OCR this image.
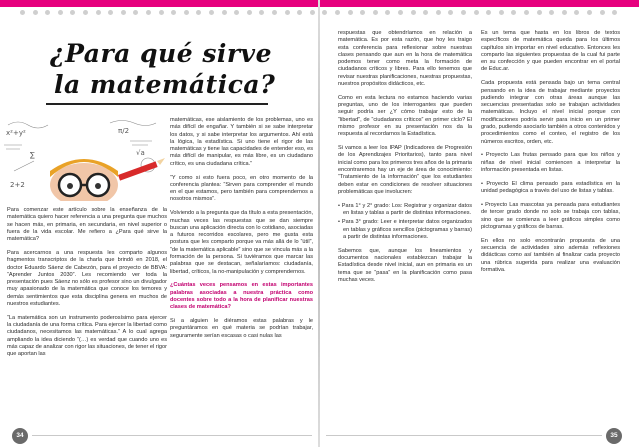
¿Para qué sirve
la matemática?
x²+y²	π/2
∑	√a
2+2

Para comenzar este artículo sobre la enseñanza de la matemática quiero hacer referencia a una pregunta que muchos se hacen más, en primaria, en secundaria, en nivel superior o fuera de la vida escolar. Me refiero a ¿Para qué sirve la matemática?

Para acercarnos a una respuesta les comparto algunos fragmentos transcriptos de la charla que brindó en 2018, el doctor Eduardo Sáenz de Cabezón, para el proyecto de BBVA: “Aprender Juntos 2030”. Les recomiendo ver toda la presentación pues Sáenz no sólo es profesor sino un divulgador muy apasionado de la matemática que conoce los temores y demás sentimientos que esta disciplina genera en muchos de nuestros estudiantes.

“La matemática son un instrumento poderosísimo para ejercer la ciudadanía de una forma crítica. Para ejercer la libertad como ciudadanos, necesitamos las matemáticas.” A lo cual agrega ampliando la idea diciendo “(…) es verdad que cuando uno es más capaz de analizar con rigor las situaciones, de tener el rigor que aportan las

matemáticas, ese aislamiento de los problemas, uno es más difícil de engañar. Y también si se sabe interpretar los datos, y si sabe interpretar los argumentos. Ahí está la lógica, la estadística. Si uno tiene el rigor de las matemáticas y tiene las capacidades de entender eso, es más difícil de manipular, es más libre, es un ciudadano crítico, es una ciudadana crítica.”

“Y como si esto fuera poco, en otro momento de la conferencia plantea: “Sirven para comprender el mundo en el que estamos, pero también para comprendernos a nosotros mismos”.

Volviendo a la pregunta que da título a esta presentación, muchas veces las respuestas que se dan siempre buscan una aplicación directa con lo cotidiano, asociadas a futuros recorridos escolares, pero me gusta esta postura que les comparto porque va más allá de lo “útil”, “de la matemática aplicable” sino que se vincula más a la formación de la persona. Si tuviéramos que marcar las palabras que se destacan, señalaríamos: ciudadanía, libertad, críticos, la no-manipulación y comprendernos.

¿Cuántas veces pensamos en estas importantes palabras asociadas a nuestra práctica como docentes sobre todo a la hora de planificar nuestras clases de matemática?

Si a alguien le diéramos estas palabras y le preguntáramos en qué materia se podrían trabajar, seguramente serían escasas o casi nulas las

respuestas que obtendríamos en relación a matemática. Es por esta razón, que hoy les traigo esta conferencia para reflexionar sobre nuestras clases pensando que aun en la hora de matemática podemos tener como meta la formación de ciudadanos críticos y libres. Para ello tenemos que revisar nuestras planificaciones, nuestras propuestas, nuestros propósitos didácticos, etc.

Como en esta lectura no estamos haciendo varias preguntas, uno de los interrogantes que pueden seguir podría ser ¿Y cómo trabajar esto de la “libertad”, de “ciudadanos críticos” en primer ciclo? El mismo profesor en su presentación nos da la respuesta al recordarnos la Estadística.

Si vamos a leer los IPAP (Indicadores de Progresión de los Aprendizajes Prioritarios), tanto para nivel inicial como para los primeros tres años de la primaria encontraremos hay un eje de área de conocimiento: “Tratamiento de la información” que los estudiantes deben estar en condiciones de resolver situaciones problemáticas que involucren:

• Para 1° y 2° grado: Los: Registrar y organizar datos en listas y tablas a partir de distintas informaciones.
• Para 3° grado: Leer e interpretar datos organizados en tablas y gráficos sencillos (pictogramas y barras) a partir de distintas informaciones.

Sabemos que, aunque los lineamientos y documentos nacionales establezcan trabajar la Estadística desde nivel inicial, aun en primaria es un tema que se “pasa” en la planificación como pasa muchas veces.

Es un tema que hasta en los libros de textos específicos de matemática queda para los últimos capítulos sin importar en nivel educativo. Entonces les comparto las siguientes propuestas de la cual fui parte en su confección y que pueden encontrar en el portal de Educ.ar.

Cada propuesta está pensada bajo un tema central pensando en la idea de trabajar mediante proyectos pudiendo integrar con otras áreas aunque las secuencias presentadas solo se trabajan actividades matemáticas. Incluyo el nivel inicial porque con modificaciones podría servir para inicio en un primer grado, pudiendo asociarlo también a otros contenidos y procedimientos como el conteo, el registro de los números escritos, orden, etc.

• Proyecto Las frutas pensado para que los niños y niñas de nivel inicial comiencen a interpretar la información presentada en listas.

• Proyecto El clima pensado para estadística en la unidad pedagógica a través del uso de listas y tablas.

• Proyecto Las mascotas ya pensada para estudiantes de tercer grado donde no solo se trabaja con tablas, sino que se comienza a leer gráficos simples como pictogramas y gráficos de barras.

En ellos no solo encontrarán propuesta de una secuencia de actividades sino además reflexiones didácticas como así también al finalizar cada proyecto una rúbrica sugerida para realizar una evaluación formativa.

34	35
